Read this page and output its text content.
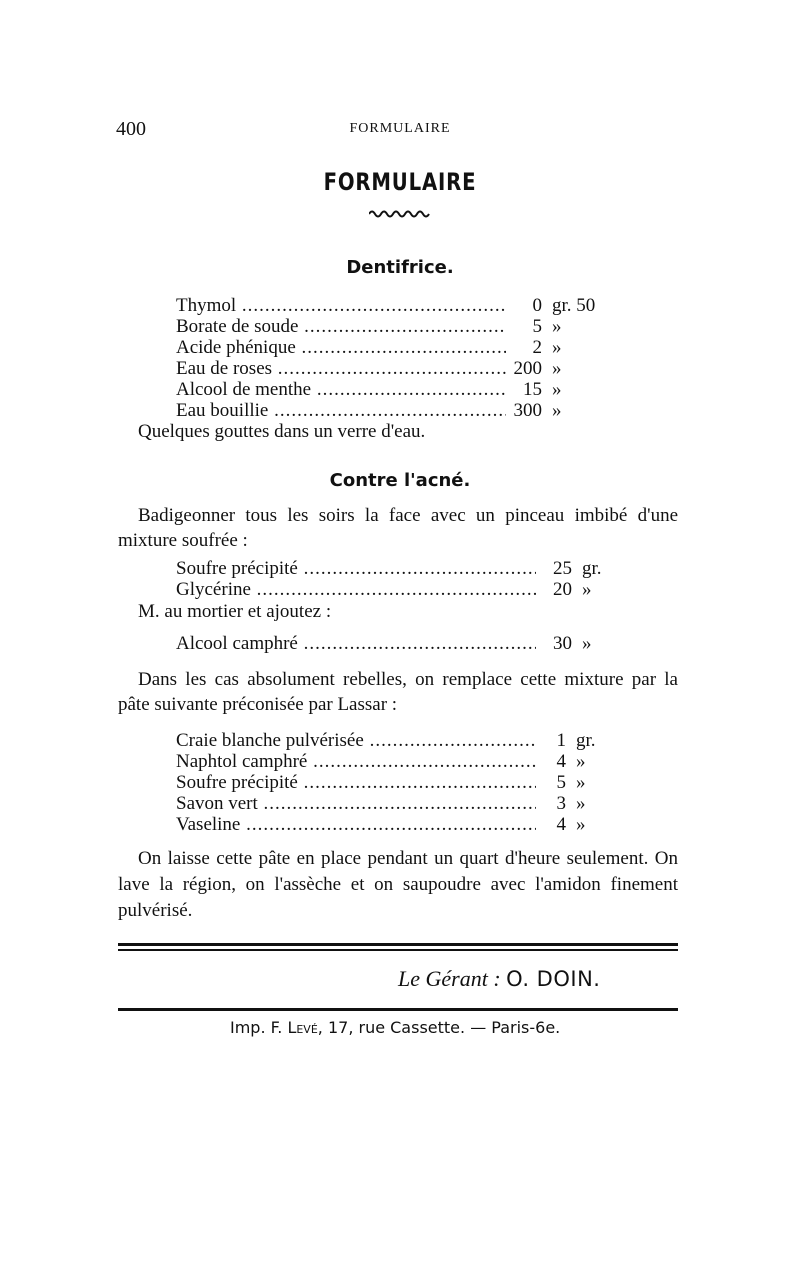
400	FORMULAIRE
FORMULAIRE
Dentifrice.
Thymol .....	0 gr. 50
Borate de soude .....	5 »
Acide phénique .....	2 »
Eau de roses .....	200 »
Alcool de menthe .....	15 »
Eau bouillie .....	300 »
Quelques gouttes dans un verre d'eau.
Contre l'acné.
Badigeonner tous les soirs la face avec un pinceau imbibé d'une mixture soufrée :
Soufre précipité .....	25 gr.
Glycérine .....	20 »
M. au mortier et ajoutez :
Alcool camphré .....	30 »
Dans les cas absolument rebelles, on remplace cette mixture par la pâte suivante préconisée par Lassar :
Craie blanche pulvérisée .....	1 gr.
Naphtol camphré .....	4 »
Soufre précipité .....	5 »
Savon vert .....	3 »
Vaseline .....	4 »
On laisse cette pâte en place pendant un quart d'heure seulement. On lave la région, on l'assèche et on saupoudre avec l'amidon finement pulvérisé.
Le Gérant : O. DOIN.
Imp. F. Levé, 17, rue Cassette. — Paris-6e.
